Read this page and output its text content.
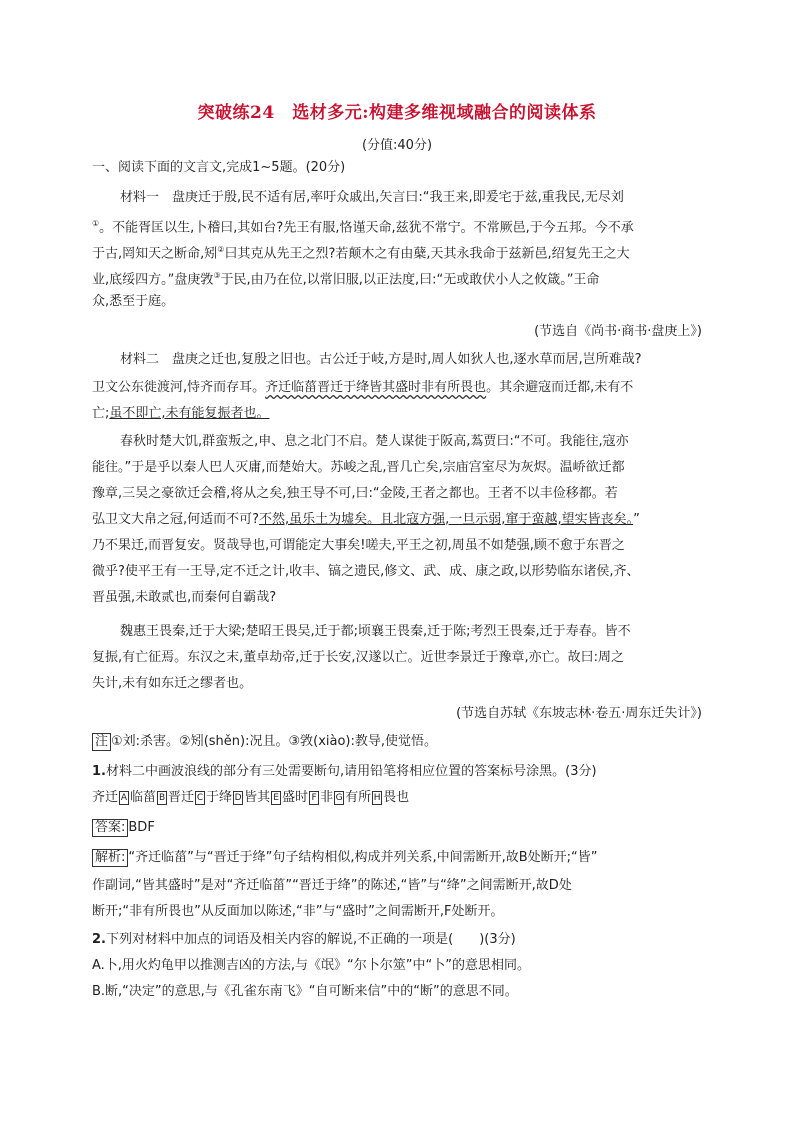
突破练24　选材多元:构建多维视域融合的阅读体系
(分值:40分)
一、阅读下面的文言文,完成1~5题。(20分)
材料一　盘庚迁于殷,民不适有居,率吁众戚出,矢言曰:“我王来,即爰宅于兹,重我民,无尽刘
①。不能胥匡以生,卜稽曰,其如台?先王有服,恪谨天命,兹犹不常宁。不常厥邑,于今五邦。今不承
于古,罔知天之断命,矧②曰其克从先王之烈?若颠木之有由蘖,天其永我命于兹新邑,绍复先王之大
业,底绥四方。”盘庚敩③于民,由乃在位,以常旧服,以正法度,曰:“无或敢伏小人之攸箴。”王命
众,悉至于庭。
(节选自《尚书·商书·盘庚上》)
材料二　盘庚之迁也,复殷之旧也。古公迁于岐,方是时,周人如狄人也,逐水草而居,岂所难哉?
卫文公东徙渡河,恃齐而存耳。齐迁临菑晋迁于绛皆其盛时非有所畏也。其余避寇而迁都,未有不
亡;虽不即亡,未有能复振者也。
春秋时楚大饥,群蛮叛之,申、息之北门不启。楚人谋徙于阪高,蒍贾曰:“不可。我能往,寇亦
能往。”于是乎以秦人巴人灭庸,而楚始大。苏峻之乱,晋几亡矣,宗庙宫室尽为灰烬。温峤欲迁都
豫章,三吴之豪欲迁会稽,将从之矣,独王导不可,曰:“金陵,王者之都也。王者不以丰俭移都。若
弘卫文大帛之冠,何适而不可?不然,虽乐土为墟矣。且北寇方强,一旦示弱,窜于蛮越,望实皆丧矣。”
乃不果迁,而晋复安。贤哉导也,可谓能定大事矣!嗟夫,平王之初,周虽不如楚强,顾不愈于东晋之
微乎?使平王有一王导,定不迁之计,收丰、镐之遗民,修文、武、成、康之政,以形势临东诸侯,齐、
晋虽强,未敢贰也,而秦何自霸哉?
魏惠王畏秦,迁于大梁;楚昭王畏吴,迁于都;顷襄王畏秦,迁于陈;考烈王畏秦,迁于寿春。皆不
复振,有亡征焉。东汉之末,董卓劫帝,迁于长安,汉遂以亡。近世李景迁于豫章,亦亡。故曰:周之
失计,未有如东迁之缪者也。
(节选自苏轼《东坡志林·卷五·周东迁失计》)
注 ①刘:杀害。②矧(shěn):况且。③敩(xiào):教导,使觉悟。
1.材料二中画波浪线的部分有三处需要断句,请用铅笔将相应位置的答案标号涂黑。(3分)
齐迁 A 临菑 B 晋迁 C 于绛 D 皆其 E 盛时 F 非 G 有所 H 畏也
答案: BDF
解析: “齐迁临菑”与“晋迁于绛”句子结构相似,构成并列关系,中间需断开,故B处断开;“皆”
作副词,“皆其盛时”是对“齐迁临菑”“晋迁于绛”的陈述,“皆”与“绛”之间需断开,故D处
断开;“非有所畏也”从反面加以陈述,“非”与“盛时”之间需断开,F处断开。
2.下列对材料中加点的词语及相关内容的解说,不正确的一项是(　　)(3分)
A.卜,用火灼龟甲以推测吉凶的方法,与《氓》“尔卜尔筮”中“卜”的意思相同。
B.断,“决定”的意思,与《孔雀东南飞》“自可断来信”中的“断”的意思不同。
